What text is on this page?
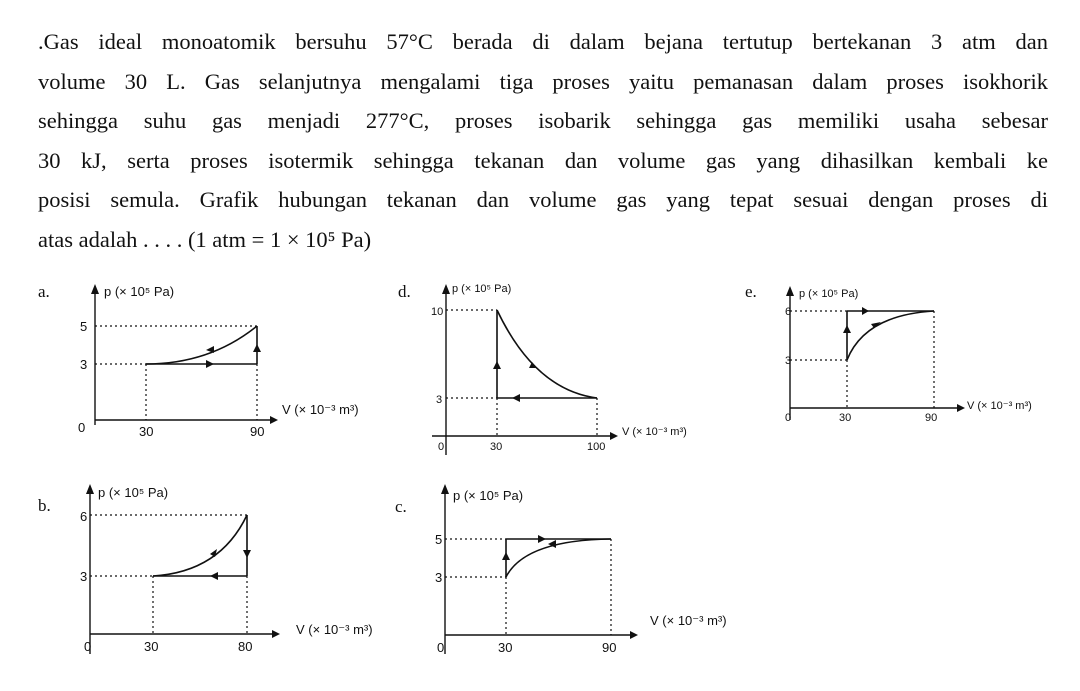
.Gas ideal monoatomik bersuhu 57°C berada di dalam bejana tertutup bertekanan 3 atm dan
volume 30 L. Gas selanjutnya mengalami tiga proses yaitu pemanasan dalam proses isokhorik
sehingga suhu gas menjadi 277°C, proses isobarik sehingga gas memiliki usaha sebesar
30 kJ, serta proses isotermik sehingga tekanan dan volume gas yang dihasilkan kembali ke
posisi semula. Grafik hubungan tekanan dan volume gas yang tepat sesuai dengan proses di
atas adalah . . . . (1 atm = 1 × 10⁵ Pa)
a.	p (× 10⁵ Pa)
V (× 10⁻³ m³)
0	30	90
3
5
d.	p (× 10⁵ Pa)
V (× 10⁻³ m³)
0	30	100
3
10
e.	p (× 10⁵ Pa)
V (× 10⁻³ m³)
0	30	90
3
6
b.
p (× 10⁵ Pa)
V (× 10⁻³ m³)
0	30	80
3
6
c.
p (× 10⁵ Pa)
V (× 10⁻³ m³)
0	30	90
3
5
